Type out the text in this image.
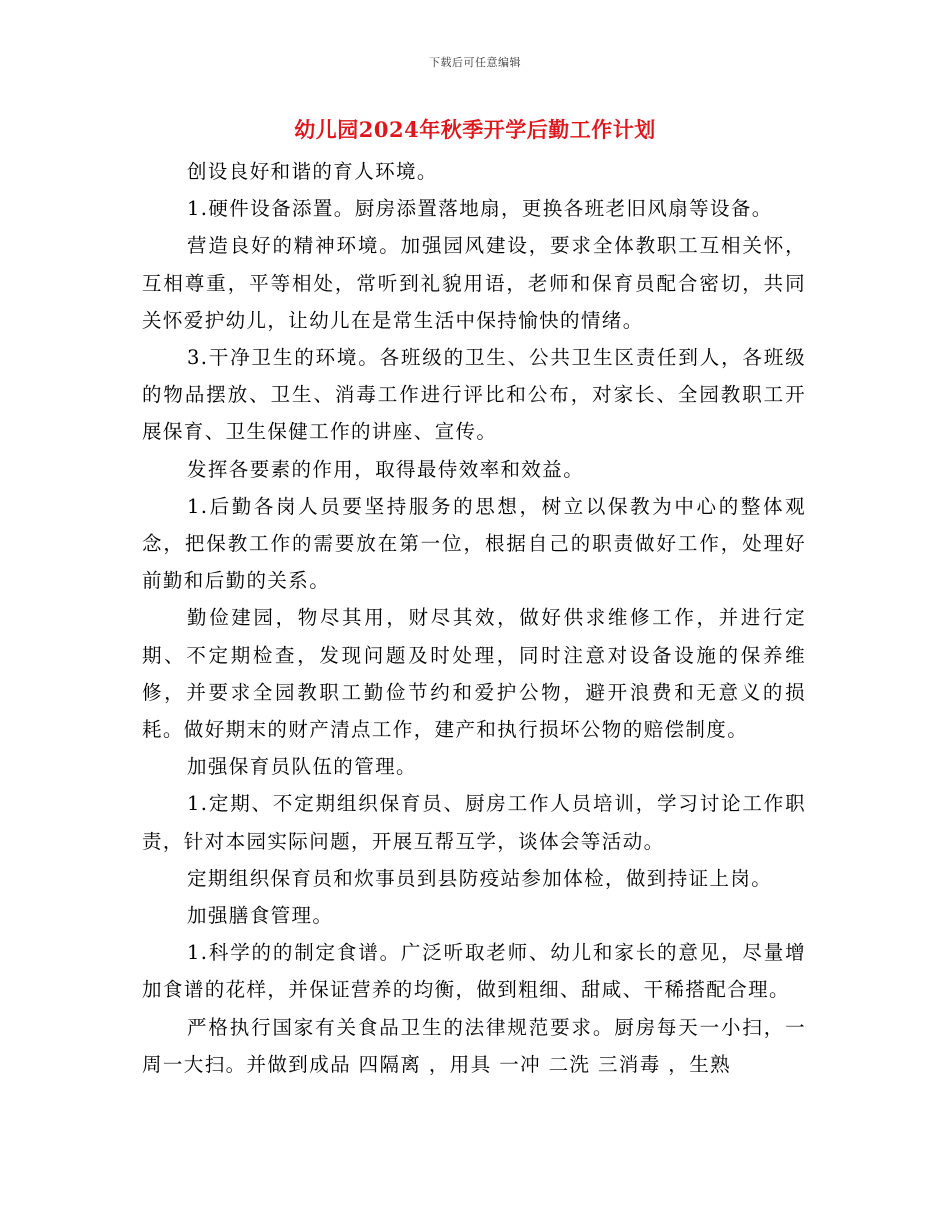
下载后可任意编辑
幼儿园2024年秋季开学后勤工作计划

创设良好和谐的育人环境。

1.硬件设备添置。厨房添置落地扇，更换各班老旧风扇等设备。

营造良好的精神环境。加强园风建设，要求全体教职工互相关怀，互相尊重，平等相处，常听到礼貌用语，老师和保育员配合密切，共同关怀爱护幼儿，让幼儿在是常生活中保持愉快的情绪。

3.干净卫生的环境。各班级的卫生、公共卫生区责任到人，各班级的物品摆放、卫生、消毒工作进行评比和公布，对家长、全园教职工开展保育、卫生保健工作的讲座、宣传。

发挥各要素的作用，取得最侍效率和效益。

1.后勤各岗人员要坚持服务的思想，树立以保教为中心的整体观念，把保教工作的需要放在第一位，根据自己的职责做好工作，处理好前勤和后勤的关系。

勤俭建园，物尽其用，财尽其效，做好供求维修工作，并进行定期、不定期检查，发现问题及时处理，同时注意对设备设施的保养维修，并要求全园教职工勤俭节约和爱护公物，避开浪费和无意义的损耗。做好期末的财产清点工作，建产和执行损坏公物的赔偿制度。

加强保育员队伍的管理。

1.定期、不定期组织保育员、厨房工作人员培训，学习讨论工作职责，针对本园实际问题，开展互帮互学，谈体会等活动。

定期组织保育员和炊事员到县防疫站参加体检，做到持证上岗。

加强膳食管理。

1.科学的的制定食谱。广泛听取老师、幼儿和家长的意见，尽量增加食谱的花样，并保证营养的均衡，做到粗细、甜咸、干稀搭配合理。

严格执行国家有关食品卫生的法律规范要求。厨房每天一小扫，一周一大扫。并做到成品 四隔离 ，用具 一冲 二洗 三消毒 ，生熟
